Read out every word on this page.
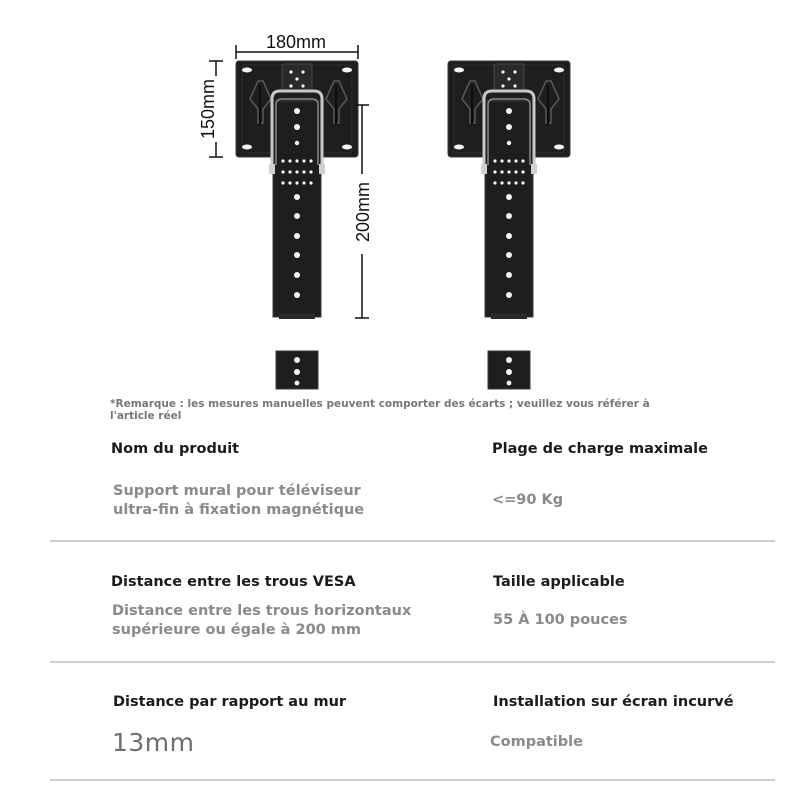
180mm
150mm
200mm
*Remarque : les mesures manuelles peuvent comporter des écarts ; veuillez vous référer à l'article réel
Nom du produit
Support mural pour téléviseur ultra-fin à fixation magnétique
Plage de charge maximale
<=90 Kg
Distance entre les trous VESA
Distance entre les trous horizontaux supérieure ou égale à 200 mm
Taille applicable
55 À 100 pouces
Distance par rapport au mur
13mm
Installation sur écran incurvé
Compatible
